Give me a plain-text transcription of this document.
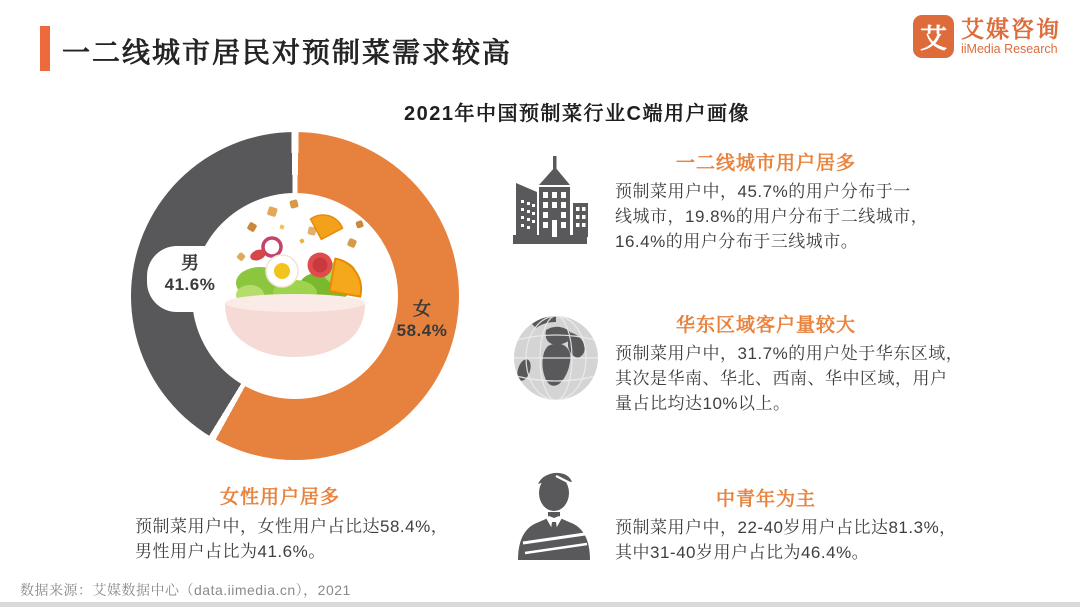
一二线城市居民对预制菜需求较高	艾 艾媒咨询
iiMedia Research
2021年中国预制菜行业C端用户画像
男
41.6%
女
58.4%
一二线城市用户居多
预制菜用户中，45.7%的用户分布于一
线城市，19.8%的用户分布于二线城市，
16.4%的用户分布于三线城市。
华东区域客户量较大
预制菜用户中，31.7%的用户处于华东区域，
其次是华南、华北、西南、华中区域，用户
量占比均达10%以上。
中青年为主
预制菜用户中，22-40岁用户占比达81.3%，
其中31-40岁用户占比为46.4%。
女性用户居多
预制菜用户中，女性用户占比达58.4%，
男性用户占比为41.6%。
数据来源：艾媒数据中心（data.iimedia.cn），2021
